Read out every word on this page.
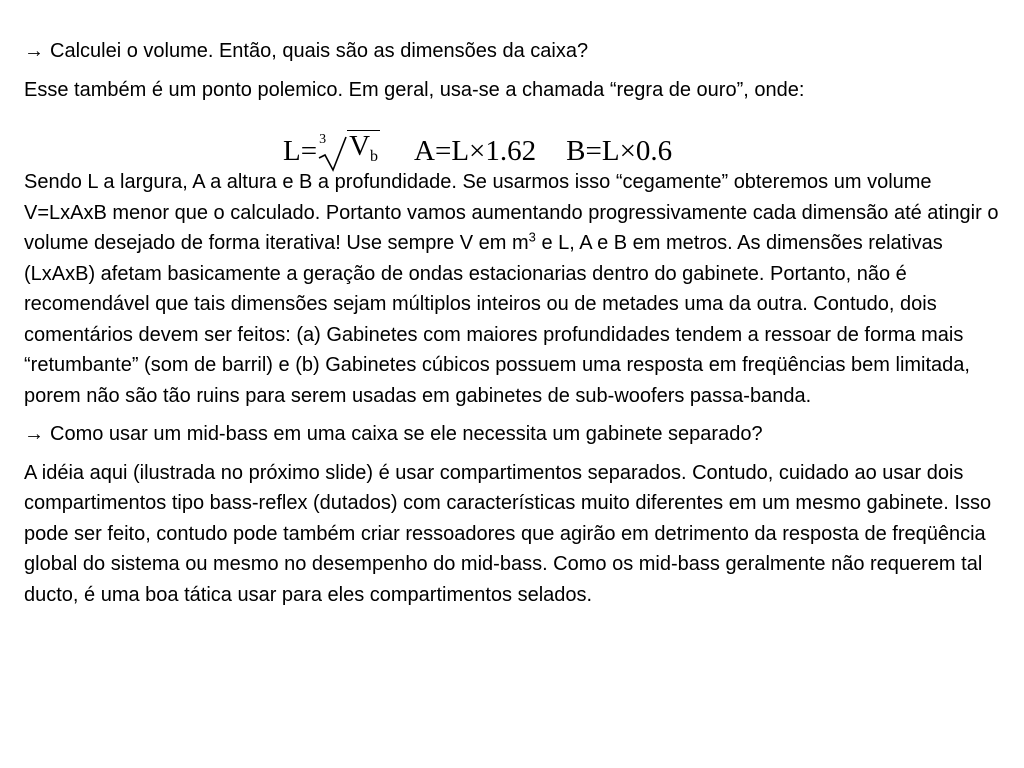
→ Calculei o volume. Então, quais são as dimensões da caixa?

Esse também é um ponto polemico. Em geral, usa-se a chamada “regra de ouro”, onde:

Sendo L a largura, A a altura e B a profundidade. Se usarmos isso “cegamente” obteremos um volume V=LxAxB menor que o calculado. Portanto vamos aumentando progressivamente cada dimensão até atingir o volume desejado de forma iterativa! Use sempre V em $m^3$ e L, A e B em metros. As dimensões relativas (LxAxB) afetam basicamente a geração de ondas estacionarias dentro do gabinete. Portanto, não é recomendável que tais dimensões sejam múltiplos inteiros ou de metades uma da outra. Contudo, dois comentários devem ser feitos: (a) Gabinetes com maiores profundidades tendem a ressoar de forma mais “retumbante” (som de barril) e (b) Gabinetes cúbicos possuem uma resposta em freqüências bem limitada, porem não são tão ruins para serem usadas em gabinetes de sub-woofers passa-banda.

→ Como usar um mid-bass em uma caixa se ele necessita um gabinete separado?

A idéia aqui (ilustrada no próximo slide) é usar compartimentos separados. Contudo, cuidado ao usar dois compartimentos tipo bass-reflex (dutados) com características muito diferentes em um mesmo gabinete. Isso pode ser feito, contudo pode também criar ressoadores que agirão em detrimento da resposta de freqüência global do sistema ou mesmo no desempenho do mid-bass. Como os mid-bass geralmente não requerem tal ducto, é uma boa tática usar para eles compartimentos selados.

L= 3 $V_b$ A=L×1.62 B=L×0.6
